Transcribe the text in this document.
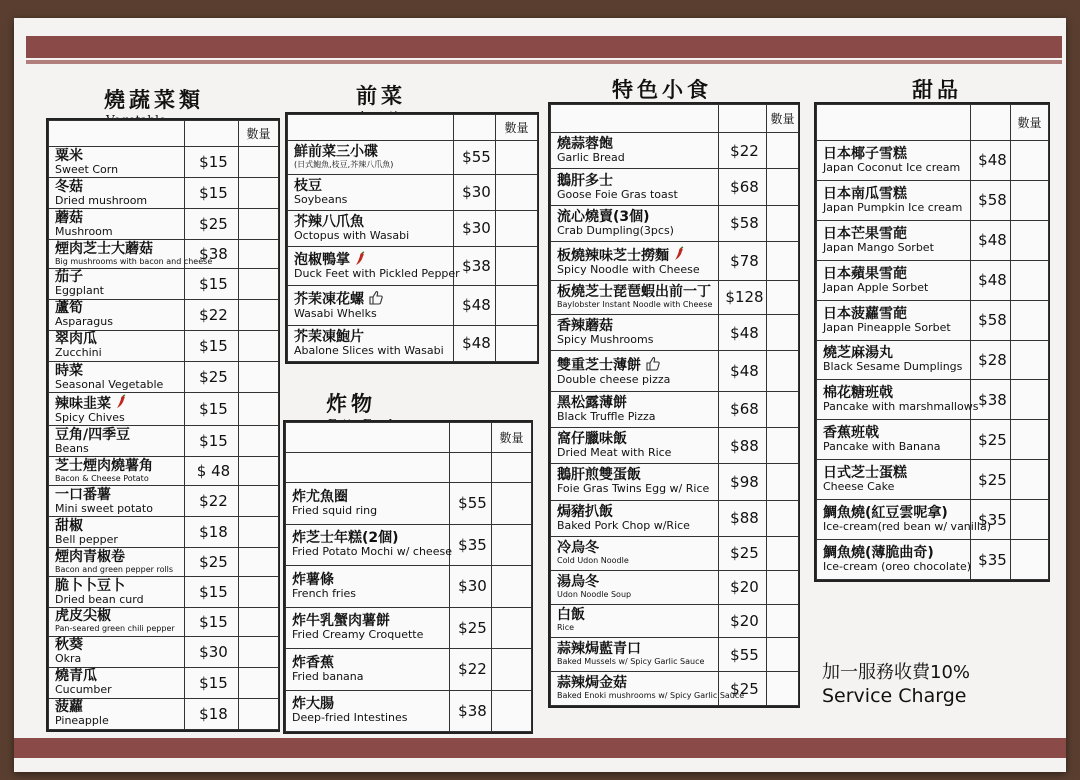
燒蔬菜類	前菜
炸物
特色小食	甜品
		數量

粟米
Sweet Corn	$15	

冬菇
Dried mushroom	$15	

蘑菇
Mushroom	$25	

煙肉芝士大蘑菇
Big mushrooms with bacon and cheese	$38	

茄子
Eggplant	$15	

蘆筍
Asparagus	$22	

翠肉瓜
Zucchini	$15	

時菜
Seasonal Vegetable	$25	

辣味韭菜
Spicy Chives	$15	

豆角/四季豆
Beans	$15	

芝士煙肉燒薯角
Bacon & Cheese Potato	$ 48	

一口番薯
Mini sweet potato	$22	

甜椒
Bell pepper	$18	

煙肉青椒卷
Bacon and green pepper rolls	$25	

脆卜卜豆卜
Dried bean curd	$15	

虎皮尖椒
Pan-seared green chili pepper	$15	

秋葵
Okra	$30	

燒青瓜
Cucumber	$15	

菠蘿
Pineapple	$18	
		數量

鮮前菜三小碟
(日式鮑魚,枝豆,芥辣八爪魚)	$55	

枝豆
Soybeans	$30	

芥辣八爪魚
Octopus with Wasabi	$30	

泡椒鴨掌
Duck Feet with Pickled Pepper	$38	

芥茉凍花螺
Wasabi Whelks	$48	

芥茉凍鮑片
Abalone Slices with Wasabi	$48	
		數量

炸尤魚圈
Fried squid ring	$55	

炸芝士年糕(2個)
Fried Potato Mochi w/ cheese	$35	

炸薯條
French fries	$30	

炸牛乳蟹肉薯餅
Fried Creamy Croquette	$25	

炸香蕉
Fried banana	$22	

炸大腸
Deep-fried Intestines	$38	
		數量

燒蒜蓉飽
Garlic Bread	$22	

鵝肝多士
Goose Foie Gras toast	$68	

流心燒賣(3個)
Crab Dumpling(3pcs)	$58	

板燒辣味芝士撈麵
Spicy Noodle with Cheese	$78	

板燒芝士琵琶蝦出前一丁
Baylobster Instant Noodle with Cheese	$128	

香辣蘑菇
Spicy Mushrooms	$48	

雙重芝士薄餅
Double cheese pizza	$48	

黑松露薄餅
Black Truffle Pizza	$68	

窩仔臘味飯
Dried Meat with Rice	$88	

鵝肝煎雙蛋飯
Foie Gras Twins Egg w/ Rice	$98	

焗豬扒飯
Baked Pork Chop w/Rice	$88	

冷烏冬
Cold Udon Noodle	$25	

湯烏冬
Udon Noodle Soup	$20	

白飯
Rice	$20	

蒜辣焗藍青口
Baked Mussels w/ Spicy Garlic Sauce	$55	

蒜辣焗金菇
Baked Enoki mushrooms w/ Spicy Garlic Sauce	$25	
		數量

日本椰子雪糕
Japan Coconut Ice cream	$48	

日本南瓜雪糕
Japan Pumpkin Ice cream	$58	

日本芒果雪葩
Japan Mango Sorbet	$48	

日本蘋果雪葩
Japan Apple Sorbet	$48	

日本菠蘿雪葩
Japan Pineapple Sorbet	$58	

燒芝麻湯丸
Black Sesame Dumplings	$28	

棉花糖班戟
Pancake with marshmallows	$38	

香蕉班戟
Pancake with Banana	$25	

日式芝士蛋糕
Cheese Cake	$25	

鯛魚燒(紅豆雲呢拿)
Ice-cream(red bean w/ vanilla)	$35	

鯛魚燒(薄脆曲奇)
Ice-cream (oreo chocolate)	$35	
加一服務收費10%
Service Charge
